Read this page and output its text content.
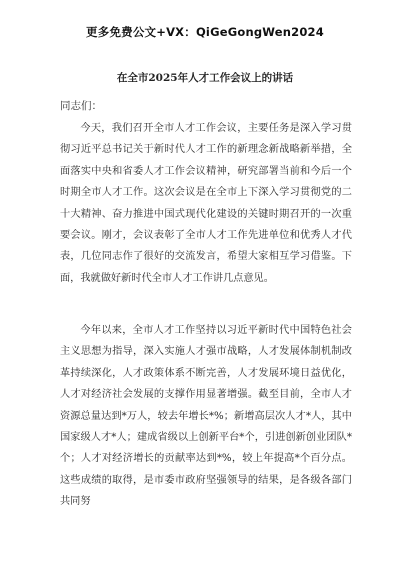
更多免费公文+VX：QiGeGongWen2024
在全市2025年人才工作会议上的讲话
同志们：

今天，我们召开全市人才工作会议，主要任务是深入学习贯彻习近平总书记关于新时代人才工作的新理念新战略新举措，全面落实中央和省委人才工作会议精神，研究部署当前和今后一个时期全市人才工作。这次会议是在全市上下深入学习贯彻党的二十大精神、奋力推进中国式现代化建设的关键时期召开的一次重要会议。刚才，会议表彰了全市人才工作先进单位和优秀人才代表，几位同志作了很好的交流发言，希望大家相互学习借鉴。下面，我就做好新时代全市人才工作讲几点意见。

今年以来，全市人才工作坚持以习近平新时代中国特色社会主义思想为指导，深入实施人才强市战略，人才发展体制机制改革持续深化，人才政策体系不断完善，人才发展环境日益优化，人才对经济社会发展的支撑作用显著增强。截至目前，全市人才资源总量达到*万人，较去年增长*%；新增高层次人才*人，其中国家级人才*人；建成省级以上创新平台*个，引进创新创业团队*个；人才对经济增长的贡献率达到*%，较上年提高*个百分点。这些成绩的取得，是市委市政府坚强领导的结果，是各级各部门共同努
